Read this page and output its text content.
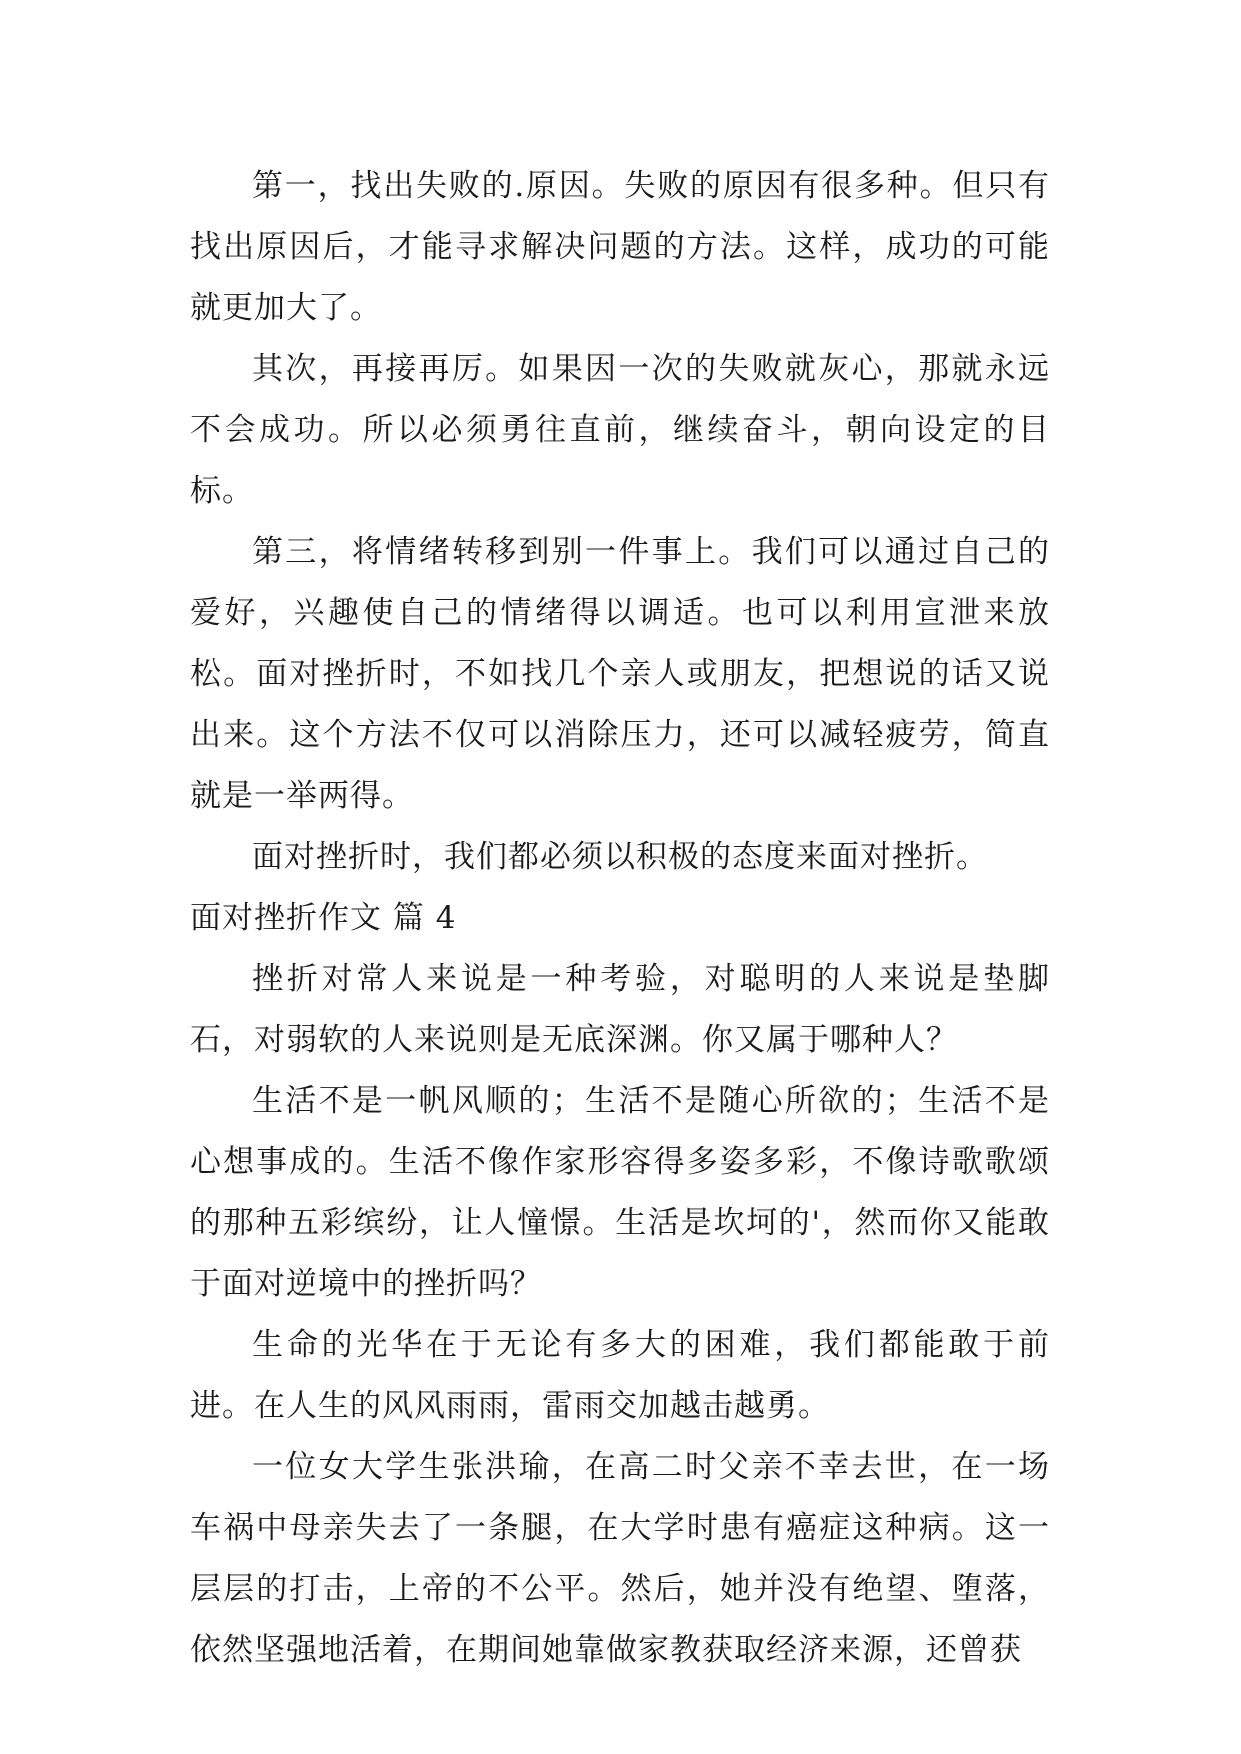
第一，找出失败的.原因。失败的原因有很多种。但只有找出原因后，才能寻求解决问题的方法。这样，成功的可能就更加大了。

其次，再接再厉。如果因一次的失败就灰心，那就永远不会成功。所以必须勇往直前，继续奋斗，朝向设定的目标。

第三，将情绪转移到别一件事上。我们可以通过自己的爱好，兴趣使自己的情绪得以调适。也可以利用宣泄来放松。面对挫折时，不如找几个亲人或朋友，把想说的话又说出来。这个方法不仅可以消除压力，还可以减轻疲劳，简直就是一举两得。

面对挫折时，我们都必须以积极的态度来面对挫折。

面对挫折作文 篇 4

挫折对常人来说是一种考验，对聪明的人来说是垫脚石，对弱软的人来说则是无底深渊。你又属于哪种人？

生活不是一帆风顺的；生活不是随心所欲的；生活不是心想事成的。生活不像作家形容得多姿多彩，不像诗歌歌颂的那种五彩缤纷，让人憧憬。生活是坎坷的'，然而你又能敢于面对逆境中的挫折吗？

生命的光华在于无论有多大的困难，我们都能敢于前进。在人生的风风雨雨，雷雨交加越击越勇。

一位女大学生张洪瑜，在高二时父亲不幸去世，在一场车祸中母亲失去了一条腿，在大学时患有癌症这种病。这一层层的打击，上帝的不公平。然后，她并没有绝望、堕落，依然坚强地活着，在期间她靠做家教获取经济来源，还曾获
